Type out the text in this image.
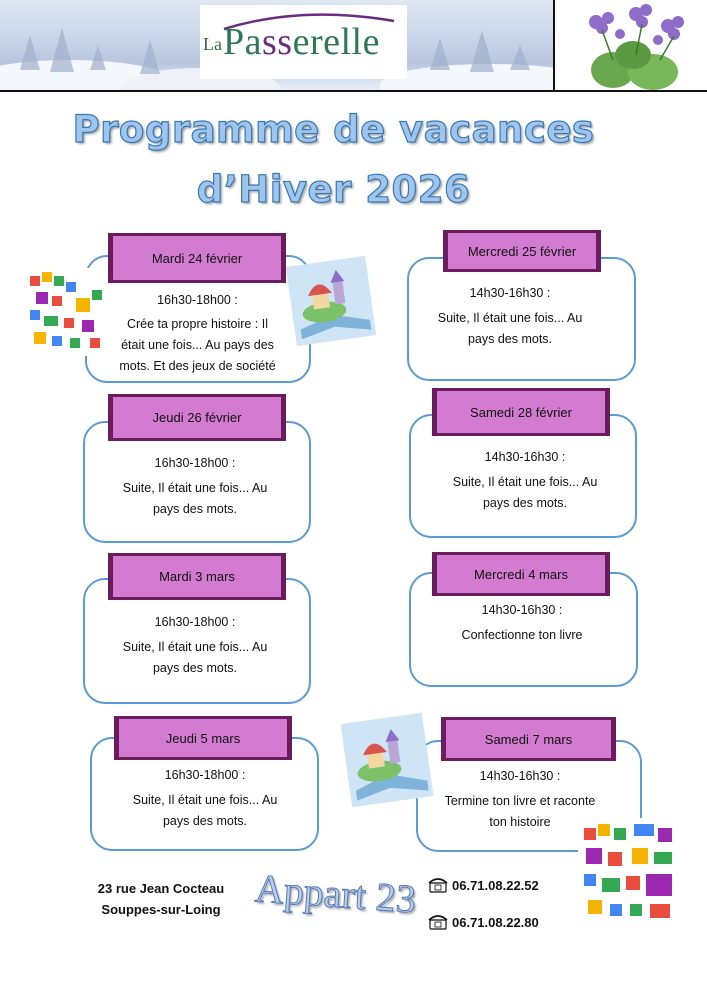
La Passerelle
Programme de vacances
d’Hiver 2026
Mardi 24 février
16h30-18h00 :
Crée ta propre histoire : Il
était une fois... Au pays des
mots. Et des jeux de société
Mercredi 25 février
14h30-16h30 :
Suite, Il était une fois... Au
pays des mots.
Jeudi 26 février
16h30-18h00 :
Suite, Il était une fois... Au
pays des mots.
Samedi 28 février
14h30-16h30 :
Suite, Il était une fois... Au
pays des mots.
Mardi 3 mars
16h30-18h00 :
Suite, Il était une fois... Au
pays des mots.
Mercredi 4 mars
14h30-16h30 :
Confectionne ton livre
Jeudi 5 mars
16h30-18h00 :
Suite, Il était une fois... Au
pays des mots.
Samedi 7 mars
14h30-16h30 :
Termine ton livre et raconte
ton histoire
23 rue Jean Cocteau
Souppes-sur-Loing Appart 23	06.71.08.22.52
06.71.08.22.80
